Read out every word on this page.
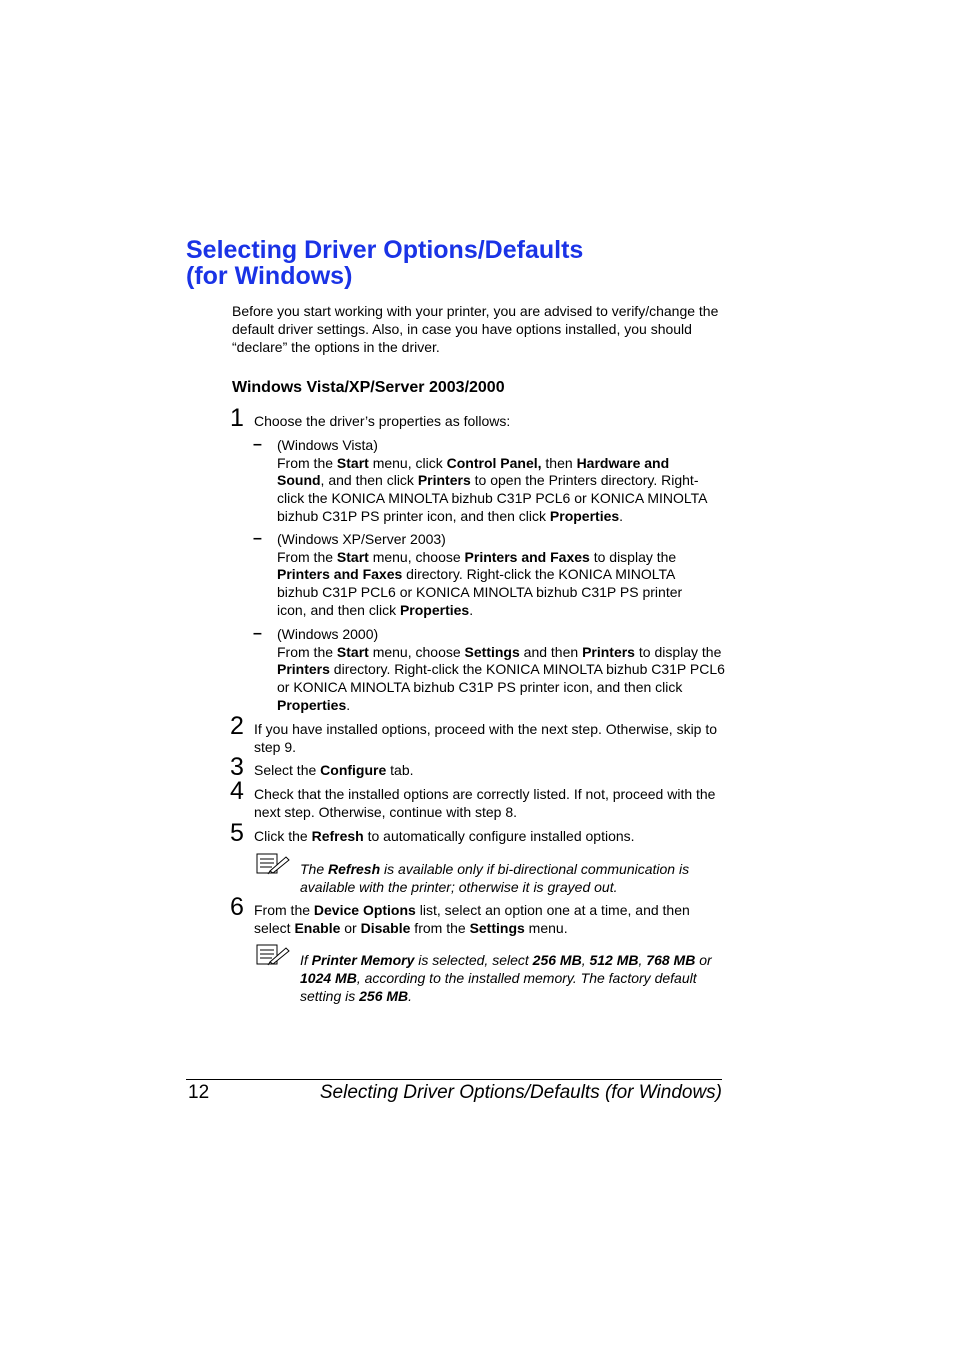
Selecting Driver Options/Defaults
(for Windows)

Before you start working with your printer, you are advised to verify/change the default driver settings. Also, in case you have options installed, you should “declare” the options in the driver.

Windows Vista/XP/Server 2003/2000
1 Choose the driver’s properties as follows:
– (Windows Vista)
From the Start menu, click Control Panel, then Hardware and Sound, and then click Printers to open the Printers directory. Right-click the KONICA MINOLTA bizhub C31P PCL6 or KONICA MINOLTA bizhub C31P PS printer icon, and then click Properties.
– (Windows XP/Server 2003)
From the Start menu, choose Printers and Faxes to display the Printers and Faxes directory. Right-click the KONICA MINOLTA bizhub C31P PCL6 or KONICA MINOLTA bizhub C31P PS printer icon, and then click Properties.
– (Windows 2000)
From the Start menu, choose Settings and then Printers to display the Printers directory. Right-click the KONICA MINOLTA bizhub C31P PCL6 or KONICA MINOLTA bizhub C31P PS printer icon, and then click Properties.
2 If you have installed options, proceed with the next step. Otherwise, skip to step 9.
3 Select the Configure tab.
4 Check that the installed options are correctly listed. If not, proceed with the next step. Otherwise, continue with step 8.
5 Click the Refresh to automatically configure installed options.
The Refresh is available only if bi-directional communication is available with the printer; otherwise it is grayed out.
6 From the Device Options list, select an option one at a time, and then select Enable or Disable from the Settings menu.
If Printer Memory is selected, select 256 MB, 512 MB, 768 MB or 1024 MB, according to the installed memory. The factory default setting is 256 MB.
12	Selecting Driver Options/Defaults (for Windows)
